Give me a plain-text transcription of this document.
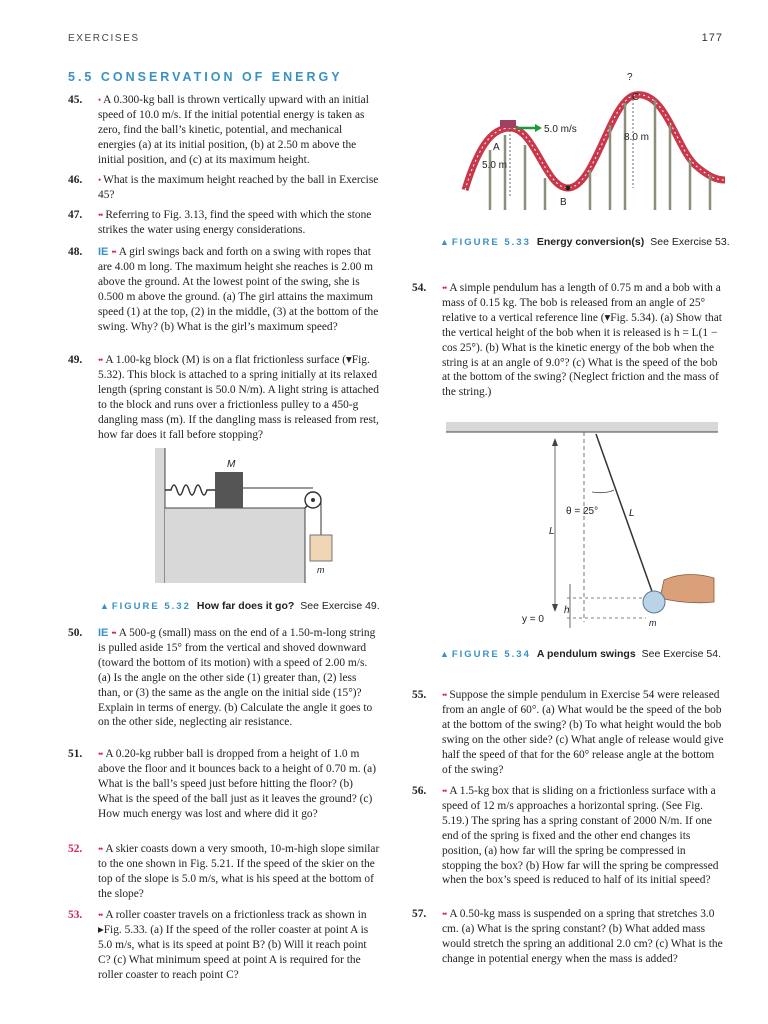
EXERCISES	177
5.5 CONSERVATION OF ENERGY
45.	• A 0.300-kg ball is thrown vertically upward with an initial speed of 10.0 m/s. If the initial potential energy is taken as zero, find the ball’s kinetic, potential, and mechanical energies (a) at its initial position, (b) at 2.50 m above the initial position, and (c) at its maximum height.
46.	• What is the maximum height reached by the ball in Exercise 45?
47.	•• Referring to Fig. 3.13, find the speed with which the stone strikes the water using energy considerations.
48.	IE •• A girl swings back and forth on a swing with ropes that are 4.00 m long. The maximum height she reaches is 2.00 m above the ground. At the lowest point of the swing, she is 0.500 m above the ground. (a) The girl attains the maximum speed (1) at the top, (2) in the middle, (3) at the bottom of the swing. Why? (b) What is the girl’s maximum speed?
49.	•• A 1.00-kg block (M) is on a flat frictionless surface (▾Fig. 5.32). This block is attached to a spring initially at its relaxed length (spring constant is 50.0 N/m). A light string is attached to the block and runs over a frictionless pulley to a 450-g dangling mass (m). If the dangling mass is released from rest, how far does it fall before stopping?
M
m
▲ FIGURE 5.32 How far does it go? See Exercise 49.
50.	IE •• A 500-g (small) mass on the end of a 1.50-m-long string is pulled aside 15° from the vertical and shoved downward (toward the bottom of its motion) with a speed of 2.00 m/s. (a) Is the angle on the other side (1) greater than, (2) less than, or (3) the same as the angle on the initial side (15°)? Explain in terms of energy. (b) Calculate the angle it goes to on the other side, neglecting air resistance.
51.	•• A 0.20-kg rubber ball is dropped from a height of 1.0 m above the floor and it bounces back to a height of 0.70 m. (a) What is the ball’s speed just before hitting the floor? (b) What is the speed of the ball just as it leaves the ground? (c) How much energy was lost and where did it go?
52.	•• A skier coasts down a very smooth, 10-m-high slope similar to the one shown in Fig. 5.21. If the speed of the skier on the top of the slope is 5.0 m/s, what is his speed at the bottom of the slope?
53.	•• A roller coaster travels on a frictionless track as shown in ▸Fig. 5.33. (a) If the speed of the roller coaster at point A is 5.0 m/s, what is its speed at point B? (b) Will it reach point C? (c) What minimum speed at point A is required for the roller coaster to reach point C?
5.0 m/s
5.0 m
A
B
8.0 m
C
?
▲ FIGURE 5.33 Energy conversion(s) See Exercise 53.
54.	•• A simple pendulum has a length of 0.75 m and a bob with a mass of 0.15 kg. The bob is released from an angle of 25° relative to a vertical reference line (▾Fig. 5.34). (a) Show that the vertical height of the bob when it is released is h = L(1 − cos 25°). (b) What is the kinetic energy of the bob when the string is at an angle of 9.0°? (c) What is the speed of the bob at the bottom of the swing? (Neglect friction and the mass of the string.)
θ = 25°	L
L
h
y = 0	m
▲ FIGURE 5.34 A pendulum swings See Exercise 54.
55.	•• Suppose the simple pendulum in Exercise 54 were released from an angle of 60°. (a) What would be the speed of the bob at the bottom of the swing? (b) To what height would the bob swing on the other side? (c) What angle of release would give half the speed of that for the 60° release angle at the bottom of the swing?
56.	•• A 1.5-kg box that is sliding on a frictionless surface with a speed of 12 m/s approaches a horizontal spring. (See Fig. 5.19.) The spring has a spring constant of 2000 N/m. If one end of the spring is fixed and the other end changes its position, (a) how far will the spring be compressed in stopping the box? (b) How far will the spring be compressed when the box’s speed is reduced to half of its initial speed?
57.	•• A 0.50-kg mass is suspended on a spring that stretches 3.0 cm. (a) What is the spring constant? (b) What added mass would stretch the spring an additional 2.0 cm? (c) What is the change in potential energy when the mass is added?
